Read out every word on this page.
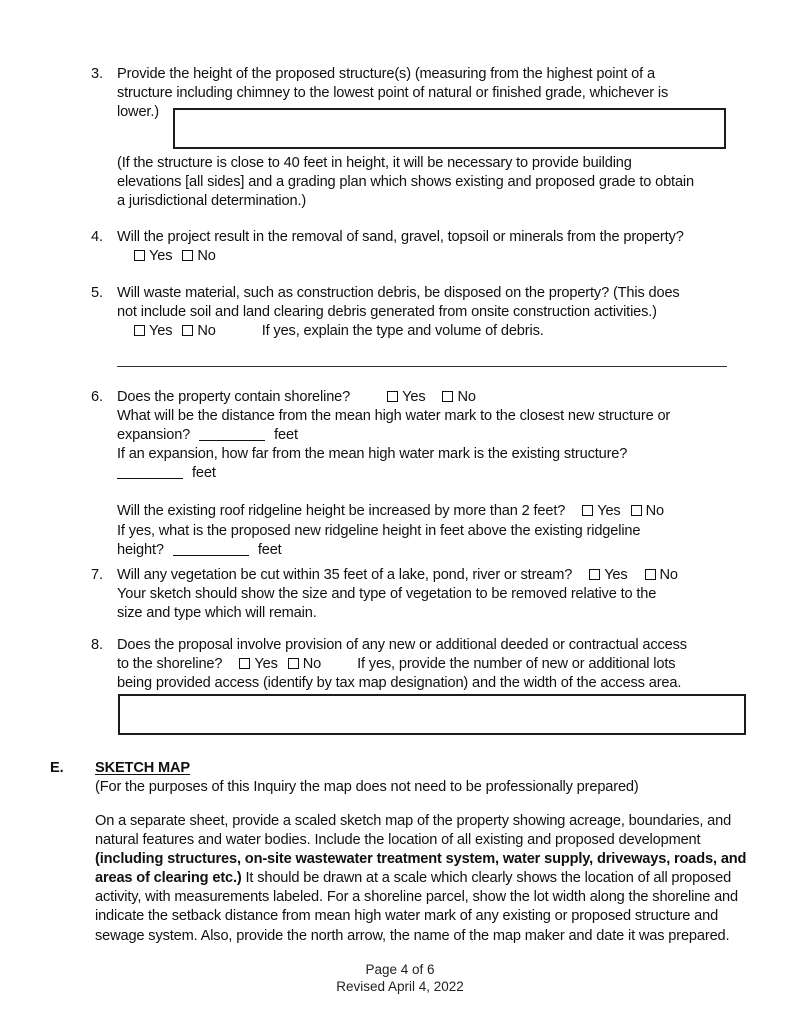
3. Provide the height of the proposed structure(s) (measuring from the highest point of a
structure including chimney to the lowest point of natural or finished grade, whichever is
lower.)
(If the structure is close to 40 feet in height, it will be necessary to provide building
elevations [all sides] and a grading plan which shows existing and proposed grade to obtain
a jurisdictional determination.)
4. Will the project result in the removal of sand, gravel, topsoil or minerals from the property?
Yes No
5. Will waste material, such as construction debris, be disposed on the property? (This does
not include soil and land clearing debris generated from onsite construction activities.)
Yes No	If yes, explain the type and volume of debris.
6. Does the property contain shoreline?	Yes No
What will be the distance from the mean high water mark to the closest new structure or
expansion?	feet
If an expansion, how far from the mean high water mark is the existing structure?
feet
Will the existing roof ridgeline height be increased by more than 2 feet? Yes No
If yes, what is the proposed new ridgeline height in feet above the existing ridgeline
height?	feet
7. Will any vegetation be cut within 35 feet of a lake, pond, river or stream? Yes No
Your sketch should show the size and type of vegetation to be removed relative to the
size and type which will remain.
8. Does the proposal involve provision of any new or additional deeded or contractual access
to the shoreline? Yes No If yes, provide the number of new or additional lots
being provided access (identify by tax map designation) and the width of the access area.
E. SKETCH MAP
(For the purposes of this Inquiry the map does not need to be professionally prepared)
On a separate sheet, provide a scaled sketch map of the property showing acreage, boundaries, and natural features and water bodies. Include the location of all existing and proposed development (including structures, on-site wastewater treatment system, water supply, driveways, roads, and areas of clearing etc.) It should be drawn at a scale which clearly shows the location of all proposed activity, with measurements labeled. For a shoreline parcel, show the lot width along the shoreline and indicate the setback distance from mean high water mark of any existing or proposed structure and sewage system. Also, provide the north arrow, the name of the map maker and date it was prepared.
Page 4 of 6
Revised April 4, 2022
